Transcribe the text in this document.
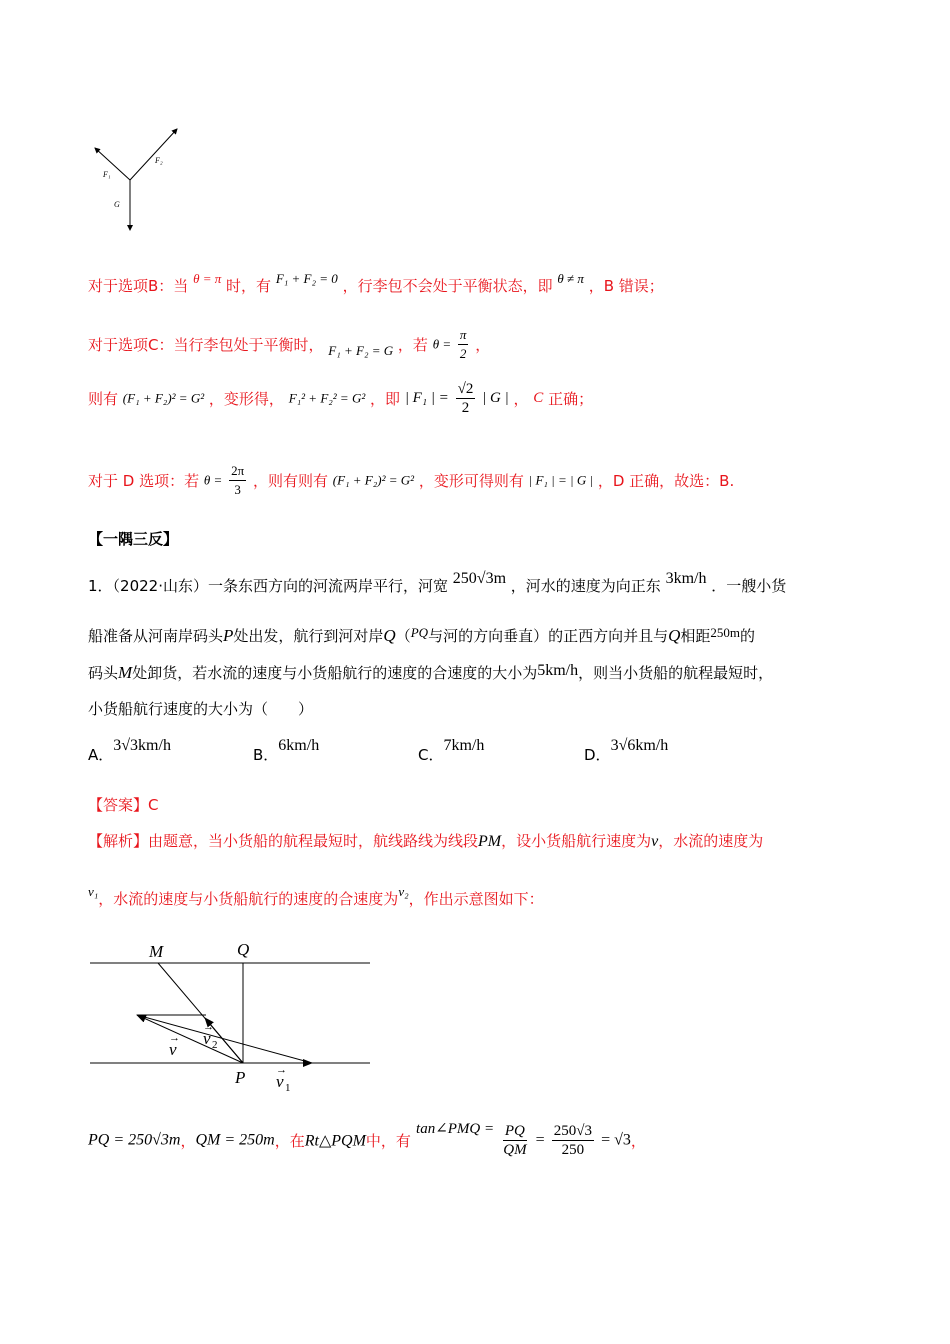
F₁
F₂
G
对于选项B：当 θ = π 时，有 F₁ + F₂ = 0 ，行李包不会处于平衡状态，即 θ ≠ π ，B 错误；
对于选项C：当行李包处于平衡时， F₁ + F₂ = G ，若 $\theta = \frac{\pi}{2}$ ，
则有 (F₁ + F₂)² = G² ，变形得， F₁² + F₂² = G² ，即 | F₁ | = $\frac{√2}{2}$ | G | ， C 正确；
对于 D 选项：若 $\theta = \frac{2\pi}{3}$ ，则有则有 (F₁ + F₂)² = G² ，变形可得则有 | F₁ | = | G | ，D 正确，故选：B.
【一隅三反】
1．（2022·山东）一条东西方向的河流两岸平行，河宽 250√3m ，河水的速度为向正东 3km/h ．一艘小货
船准备从河南岸码头P处出发，航行到河对岸Q（PQ与河的方向垂直）的正西方向并且与Q相距250m的
码头M处卸货，若水流的速度与小货船航行的速度的合速度的大小为5km/h，则当小货船的航程最短时，
小货船航行速度的大小为（　　）
A．3√3km/h
B．6km/h
C．7km/h
D．3√6km/h
【答案】C
【解析】由题意，当小货船的航程最短时，航线路线为线段PM，设小货船航行速度为v，水流的速度为
v₁，水流的速度与小货船航行的速度的合速度为v₂，作出示意图如下：
M	Q
P
v
→ v 2
→
v 1
→
PQ = 250√3m，QM = 250m，在Rt△PQM中，有 tan∠PMQ = $\frac{PQ}{QM} = \frac{250√3}{250} = √3$，
